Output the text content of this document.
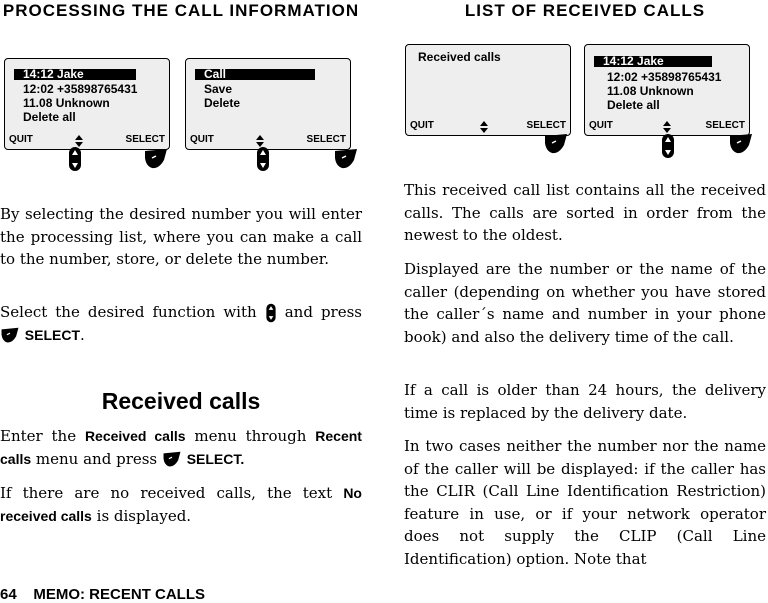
PROCESSING THE CALL INFORMATION
14:12 Jake
12:02 +35898765431
11.08 Unknown
Delete all
QUIT	SELECT
Call
Save
Delete
QUIT	SELECT

By selecting the desired number you will enter the processing list, where you can make a call to the number, store, or delete the number.

Select the desired function with and press  SELECT.

Received calls

Enter the Received calls menu through Recent calls menu and press SELECT.

If there are no received calls, the text No received calls is displayed.

64 MEMO: RECENT CALLS
LIST OF RECEIVED CALLS
Received calls
QUIT	SELECT
14:12 Jake
12:02 +35898765431
11.08 Unknown
Delete all
QUIT	SELECT

This received call list contains all the received calls. The calls are sorted in order from the newest to the oldest.

Displayed are the number or the name of the caller (depending on whether you have stored the caller´s name and number in your phone book) and also the delivery time of the call.

If a call is older than 24 hours, the delivery time is replaced by the delivery date.

In two cases neither the number nor the name of the caller will be displayed: if the caller has the CLIR (Call Line Identification Restriction) feature in use, or if your network operator does not supply the CLIP (Call Line Identification) option. Note that
